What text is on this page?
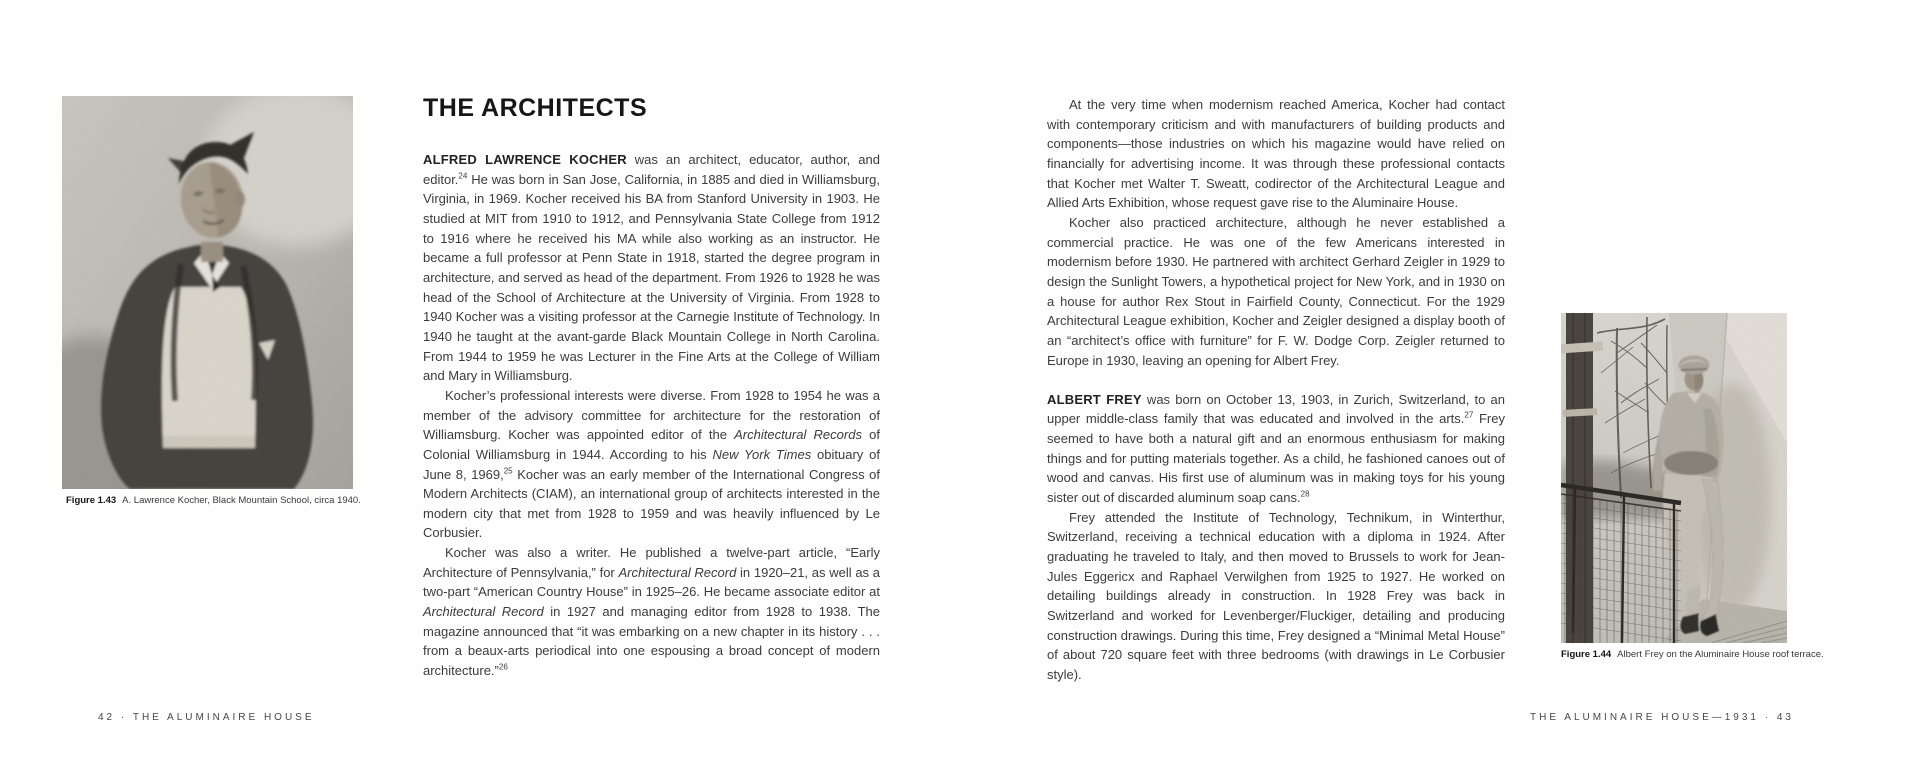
Figure 1.43 A. Lawrence Kocher, Black Mountain School, circa 1940.
THE ARCHITECTS

ALFRED LAWRENCE KOCHER was an architect, educator, author, and editor.$^{24}$ He was born in San Jose, California, in 1885 and died in Williamsburg, Virginia, in 1969. Kocher received his BA from Stanford University in 1903. He studied at MIT from 1910 to 1912, and Pennsylvania State College from 1912 to 1916 where he received his MA while also working as an instructor. He became a full professor at Penn State in 1918, started the degree program in architecture, and served as head of the department. From 1926 to 1928 he was head of the School of Architecture at the University of Virginia. From 1928 to 1940 Kocher was a visiting professor at the Carnegie Institute of Technology. In 1940 he taught at the avant-garde Black Mountain College in North Carolina. From 1944 to 1959 he was Lecturer in the Fine Arts at the College of William and Mary in Williamsburg.

Kocher’s professional interests were diverse. From 1928 to 1954 he was a member of the advisory committee for architecture for the restoration of Williamsburg. Kocher was appointed editor of the Architectural Records of Colonial Williamsburg in 1944. According to his New York Times obituary of June 8, 1969,25 Kocher was an early member of the International Congress of Modern Architects (CIAM), an international group of architects interested in the modern city that met from 1928 to 1959 and was heavily influenced by Le Corbusier.

Kocher was also a writer. He published a twelve-part article, “Early Architecture of Pennsylvania,” for Architectural Record in 1920–21, as well as a two-part “American Country House” in 1925–26. He became associate editor at Architectural Record in 1927 and managing editor from 1928 to 1938. The magazine announced that “it was embarking on a new chapter in its history . . . from a beaux-arts periodical into one espousing a broad concept of modern architecture.”$^{26}$

At the very time when modernism reached America, Kocher had contact with contemporary criticism and with manufacturers of building products and components—those industries on which his magazine would have relied on financially for advertising income. It was through these professional contacts that Kocher met Walter T. Sweatt, codirector of the Architectural League and Allied Arts Exhibition, whose request gave rise to the Aluminaire House.

Kocher also practiced architecture, although he never established a commercial practice. He was one of the few Americans interested in modernism before 1930. He partnered with architect Gerhard Zeigler in 1929 to design the Sunlight Towers, a hypothetical project for New York, and in 1930 on a house for author Rex Stout in Fairfield County, Connecticut. For the 1929 Architectural League exhibition, Kocher and Zeigler designed a display booth of an “architect’s office with furniture” for F. W. Dodge Corp. Zeigler returned to Europe in 1930, leaving an opening for Albert Frey.

ALBERT FREY was born on October 13, 1903, in Zurich, Switzerland, to an upper middle-class family that was educated and involved in the arts.$^{27}$ Frey seemed to have both a natural gift and an enormous enthusiasm for making things and for putting materials together. As a child, he fashioned canoes out of wood and canvas. His first use of aluminum was in making toys for his young sister out of discarded aluminum soap cans.$^{28}$

Frey attended the Institute of Technology, Technikum, in Winterthur, Switzerland, receiving a technical education with a diploma in 1924. After graduating he traveled to Italy, and then moved to Brussels to work for Jean-Jules Eggericx and Raphael Verwilghen from 1925 to 1927. He worked on detailing buildings already in construction. In 1928 Frey was back in Switzerland and worked for Levenberger/Fluckiger, detailing and producing construction drawings. During this time, Frey designed a “Minimal Metal House” of about 720 square feet with three bedrooms (with drawings in Le Corbusier style).

Figure 1.44 Albert Frey on the Aluminaire House roof terrace.
42 · THE ALUMINAIRE HOUSE	THE ALUMINAIRE HOUSE—1931 · 43
